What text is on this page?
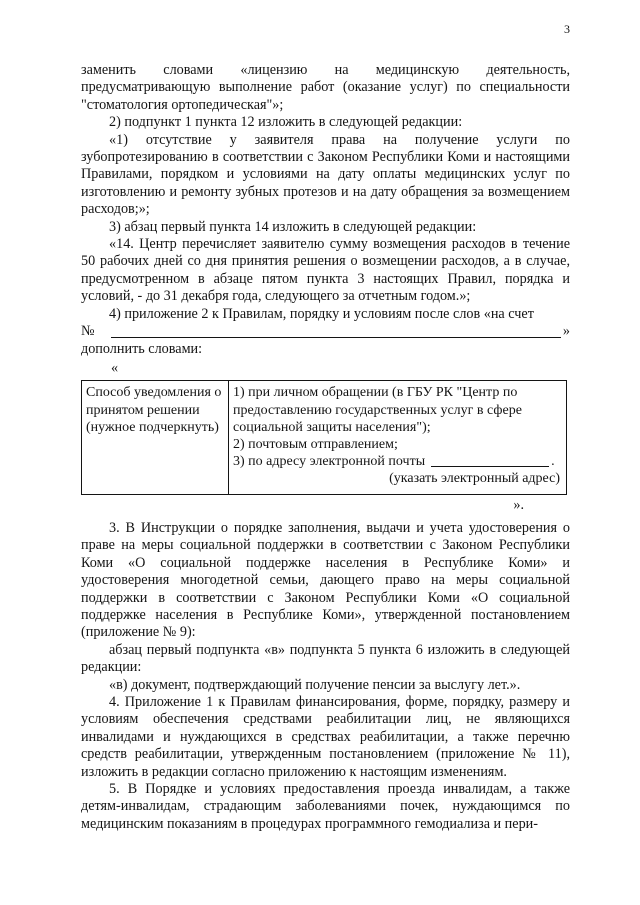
3

заменить словами «лицензию на медицинскую деятельность, предусматривающую выполнение работ (оказание услуг) по специальности "стоматология ортопедическая"»;

2) подпункт 1 пункта 12 изложить в следующей редакции:

«1) отсутствие у заявителя права на получение услуги по зубопротезированию в соответствии с Законом Республики Коми и настоящими Правилами, порядком и условиями на дату оплаты медицинских услуг по изготовлению и ремонту зубных протезов и на дату обращения за возмещением расходов;»;

3) абзац первый пункта 14 изложить в следующей редакции:

«14. Центр перечисляет заявителю сумму возмещения расходов в течение 50 рабочих дней со дня принятия решения о возмещении расходов, а в случае, предусмотренном в абзаце пятом пункта 3 настоящих Правил, порядка и условий, - до 31 декабря года, следующего за отчетным годом.»;

4) приложение 2 к Правилам, порядку и условиям после слов «на счет

№	»

дополнить словами:

«
Способ уведомления о принятом решении (нужное подчеркнуть)	
1) при личном обращении (в ГБУ РК "Центр по предоставлению государственных услуг в сфере социальной защиты населения");
2) почтовым отправлением;
3) по адресу электронной почты	.
(указать электронный адрес)
».

3. В Инструкции о порядке заполнения, выдачи и учета удостоверения о праве на меры социальной поддержки в соответствии с Законом Республики Коми «О социальной поддержке населения в Республике Коми» и удостоверения многодетной семьи, дающего право на меры социальной поддержки в соответствии с Законом Республики Коми «О социальной поддержке населения в Республике Коми», утвержденной постановлением (приложение № 9):

абзац первый подпункта «в» подпункта 5 пункта 6 изложить в следующей редакции:

«в) документ, подтверждающий получение пенсии за выслугу лет.».

4. Приложение 1 к Правилам финансирования, форме, порядку, размеру и условиям обеспечения средствами реабилитации лиц, не являющихся инвалидами и нуждающихся в средствах реабилитации, а также перечню средств реабилитации, утвержденным постановлением (приложение № 11), изложить в редакции согласно приложению к настоящим изменениям.

5. В Порядке и условиях предоставления проезда инвалидам, а также детям-инвалидам, страдающим заболеваниями почек, нуждающимся по медицинским показаниям в процедурах программного гемодиализа и пери-
